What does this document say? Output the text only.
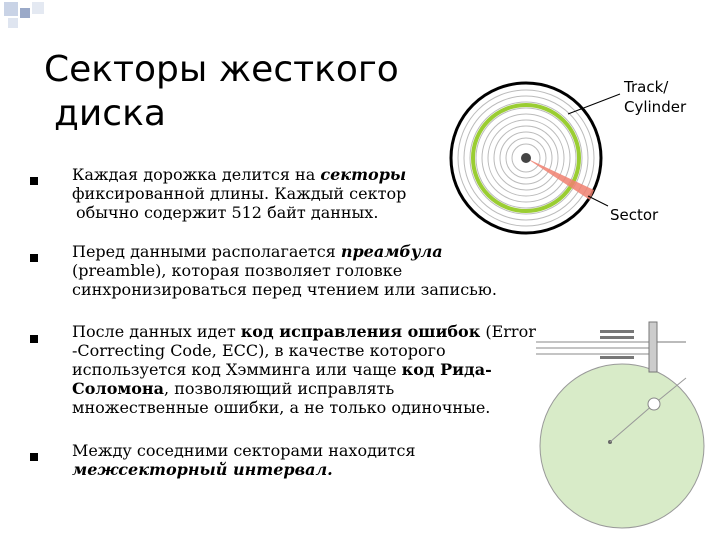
Секторы жесткого
диска
Каждая дорожка делится на секторы
фиксированной длины. Каждый сектор
обычно содержит 512 байт данных.
Перед данными располагается преамбула
(preamble), которая позволяет головке
синхронизироваться перед чтением или записью.
После данных идет код исправления ошибок (Error
-Correcting Code, ECC), в качестве которого
используется код Хэмминга или чаще код Рида-
Соломона, позволяющий исправлять
множественные ошибки, а не только одиночные.
Между соседними секторами находится
межсекторный интервал.
Track/
Cylinder
Sector
